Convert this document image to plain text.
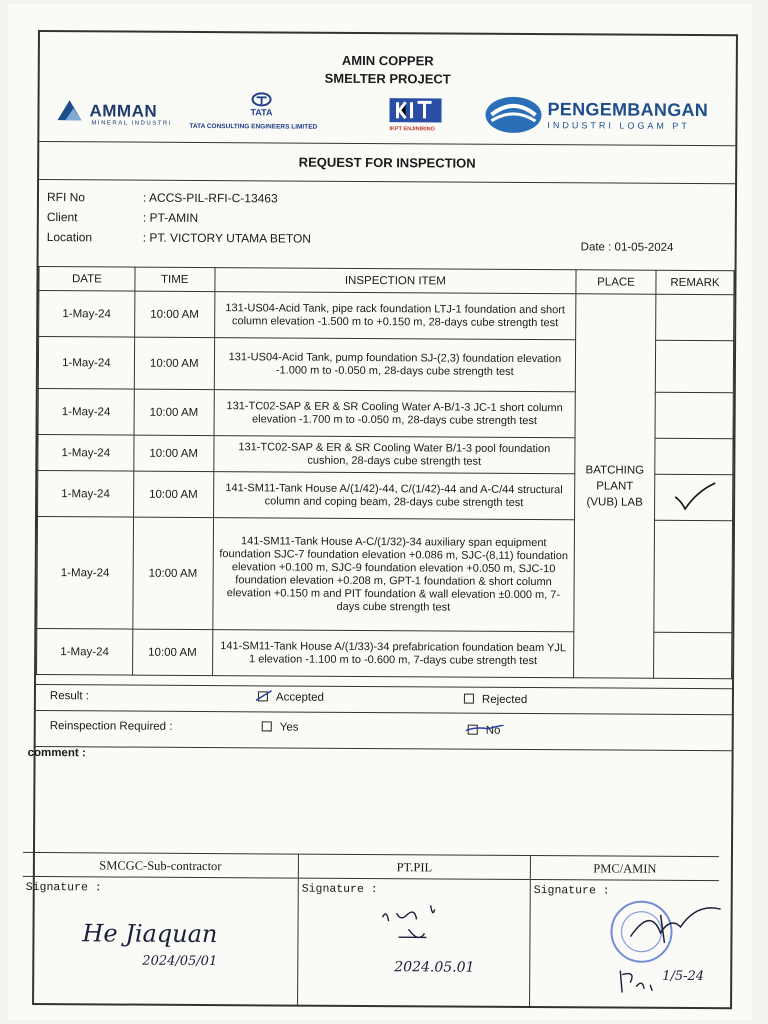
AMIN COPPER
SMELTER PROJECT
AMMAN
MINERAL INDUSTRI
TATA
TATA CONSULTING ENGINEERS LIMITED	IKPT ENJINIRING
PENGEMBANGAN
INDUSTRI LOGAM PT
REQUEST FOR INSPECTION
RFI No	: ACCS-PIL-RFI-C-13463
Client	: PT-AMIN
Location	: PT. VICTORY UTAMA BETON
Date : 01-05-2024
DATE	TIME	INSPECTION ITEM	PLACE	REMARK
1-May-24	10:00 AM	131-US04-Acid Tank, pipe rack foundation LTJ-1 foundation and short column elevation -1.500 m to +0.150 m, 28-days cube strength test	BATCHING PLANT (VUB) LAB	
1-May-24	10:00 AM	131-US04-Acid Tank, pump foundation SJ-(2,3) foundation elevation -1.000 m to -0.050 m, 28-days cube strength test		
1-May-24	10:00 AM	131-TC02-SAP & ER & SR Cooling Water A-B/1-3 JC-1 short column elevation -1.700 m to -0.050 m, 28-days cube strength test		
1-May-24	10:00 AM	131-TC02-SAP & ER & SR Cooling Water B/1-3 pool foundation cushion, 28-days cube strength test		
1-May-24	10:00 AM	141-SM11-Tank House A/(1/42)-44, C/(1/42)-44 and A-C/44 structural column and coping beam, 28-days cube strength test	
1-May-24	10:00 AM	141-SM11-Tank House A-C/(1/32)-34 auxiliary span equipment foundation SJC-7 foundation elevation +0.086 m, SJC-(8,11) foundation elevation +0.100 m, SJC-9 foundation elevation +0.050 m, SJC-10 foundation elevation +0.208 m, GPT-1 foundation & short column elevation +0.150 m and PIT foundation & wall elevation ±0.000 m, 7-days cube strength test		
1-May-24	10:00 AM	141-SM11-Tank House A/(1/33)-34 prefabrication foundation beam YJL 1 elevation -1.100 m to -0.600 m, 7-days cube strength test		
Result :	Accepted	Rejected
Reinspection Required :	Yes	No
comment :
SMCGC-Sub-contractor
Signature :
He Jiaquan
2024/05/01
PT.PIL
Signature :
2024.05.01
PMC/AMIN
Signature :
1/5-24
